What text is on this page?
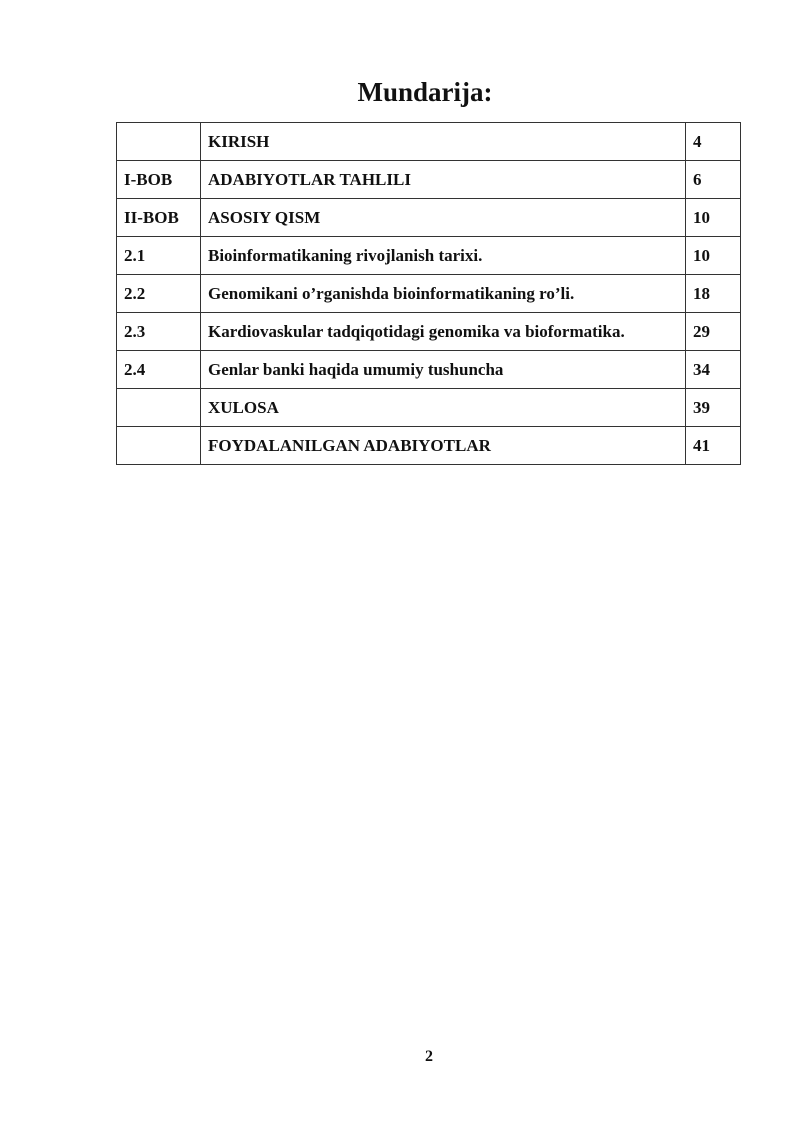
Mundarija:
	KIRISH	4
I-BOB	ADABIYOTLAR TAHLILI	6
II-BOB	ASOSIY QISM	10
2.1	Bioinformatikaning rivojlanish tarixi.	10
2.2	Genomikani o’rganishda bioinformatikaning ro’li.	18
2.3	Kardiovaskular tadqiqotidagi genomika va bioformatika.	29
2.4	Genlar banki haqida umumiy tushuncha	34
	XULOSA	39
	FOYDALANILGAN ADABIYOTLAR	41
2
